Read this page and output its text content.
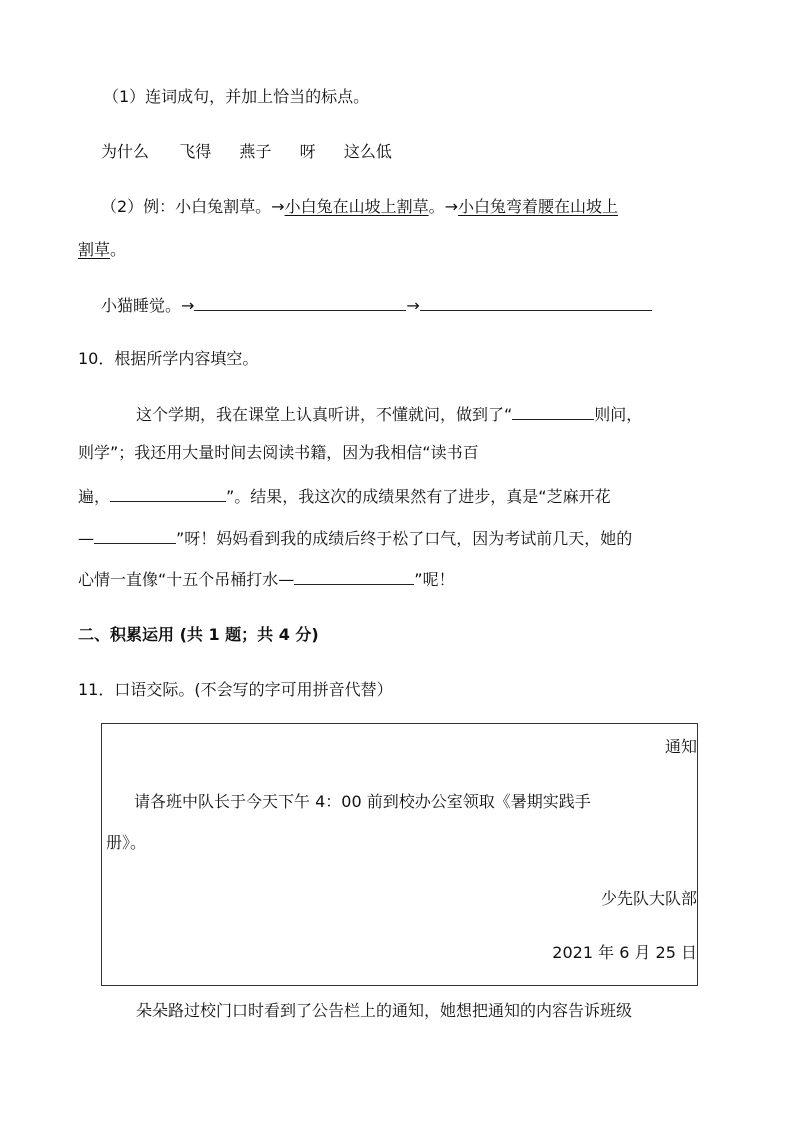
（1）连词成句，并加上恰当的标点。
为什么 飞得 燕子 呀 这么低
（2）例：小白兔割草。→小白兔在山坡上割草。→小白兔弯着腰在山坡上
割草。
小猫睡觉。→	→
10．根据所学内容填空。
这个学期，我在课堂上认真听讲，不懂就问，做到了“	则问，
则学”；我还用大量时间去阅读书籍，因为我相信“读书百
遍，	”。结果，我这次的成绩果然有了进步，真是“芝麻开花
—	”呀！妈妈看到我的成绩后终于松了口气，因为考试前几天，她的
心情一直像“十五个吊桶打水—	”呢！
二、积累运用 (共 1 题；共 4 分)
11．口语交际。(不会写的字可用拼音代替）
通知
请各班中队长于今天下午 4：00 前到校办公室领取《暑期实践手
册》。
少先队大队部
2021 年 6 月 25 日
朵朵路过校门口时看到了公告栏上的通知，她想把通知的内容告诉班级
